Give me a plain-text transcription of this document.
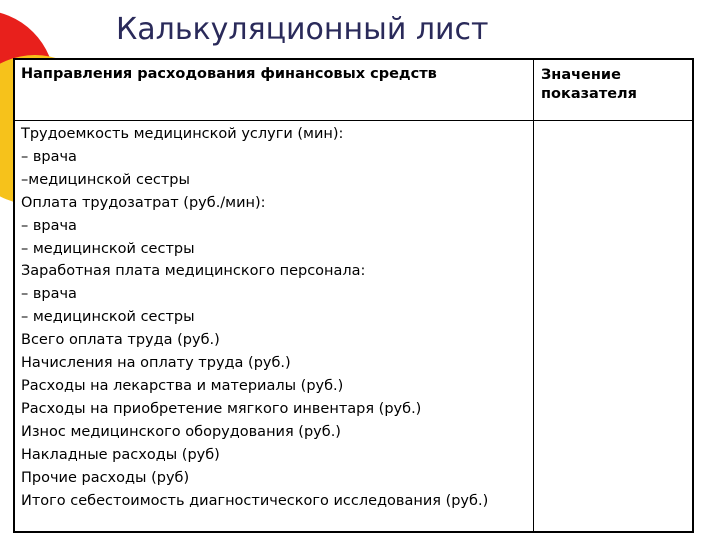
Калькуляционный лист
Направления расходования финансовых средств	Значение
показателя
Трудоемкость медицинской услуги (мин):
– врача
–медицинской сестры
Оплата трудозатрат (руб./мин):
– врача
– медицинской сестры
Заработная плата медицинского персонала:
– врача
– медицинской сестры
Всего оплата труда (руб.)
Начисления на оплату труда (руб.)
Расходы на лекарства и материалы (руб.)
Расходы на приобретение мягкого инвентаря (руб.)
Износ медицинского оборудования (руб.)
Накладные расходы (руб)
Прочие расходы (руб)
Итого себестоимость диагностического исследования (руб.)
